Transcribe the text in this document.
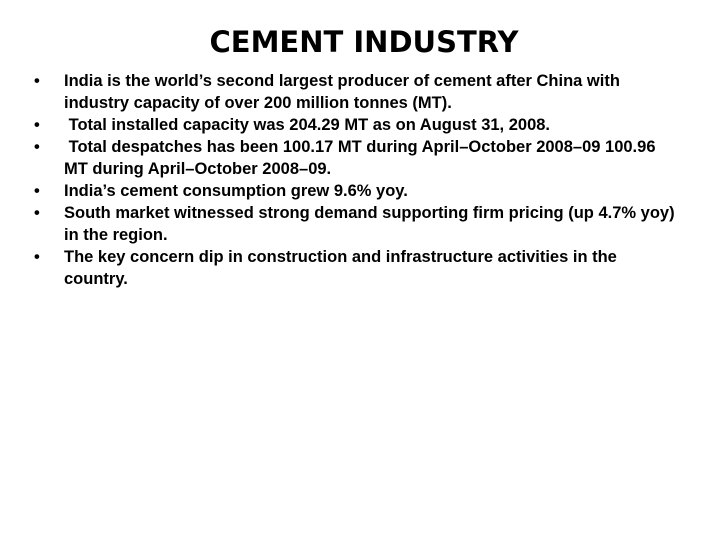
CEMENT INDUSTRY
• India is the world’s second largest producer of cement after China with industry capacity of over 200 million tonnes (MT).
• Total installed capacity was 204.29 MT as on August 31, 2008.
• Total despatches has been 100.17 MT during April–October 2008–09 100.96 MT during April–October 2008–09.
• India’s cement consumption grew 9.6% yoy.
• South market witnessed strong demand supporting firm pricing (up 4.7% yoy) in the region.
• The key concern dip in construction and infrastructure activities in the country.
